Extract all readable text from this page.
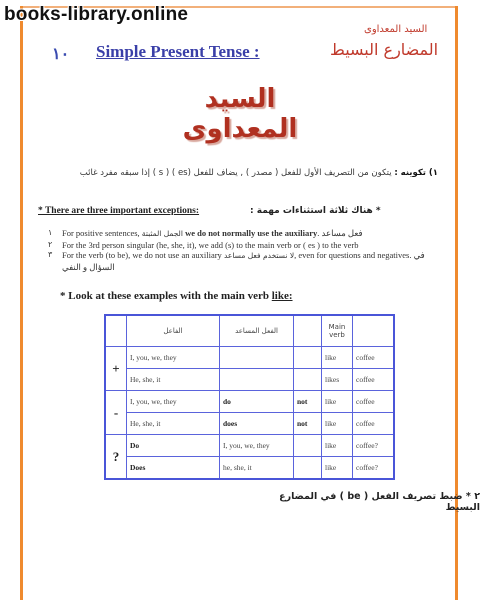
books-library.online
السيد المعداوى
١٠ Simple Present Tense :	المضارع البسيط
السيد المعداوى
١) تكوينه : يتكون من التصريف الأول للفعل ( مصدر ) , يضاف للفعل (es ) ( s ) إذا سبقه مفرد غائب
* There are three important exceptions:	* هناك ثلاثة استثناءات مهمة :
١ For positive sentences, الجمل المثبتة we do not normally use the auxiliary. فعل مساعد
٢ For the 3rd person singular (he, she, it), we add (s) to the main verb or ( es ) to the verb
٣ For the verb (to be), we do not use an auxiliary لا نستخدم فعل مساعد, even for questions and negatives. في السؤال و النفي
* Look at these examples with the main verb like:
	الفاعل	الفعل المساعد		Main verb	
+	I, you, we, they			like	coffee
	He, she, it			likes	coffee
-	I, you, we, they	do	not	like	coffee
	He, she, it	does	not	like	coffee
?	Do	I, you, we, they		like	coffee?
	Does	he, she, it		like	coffee?
٢ * ضبط تصريف الفعل ( be ) في المضارع البسيط
